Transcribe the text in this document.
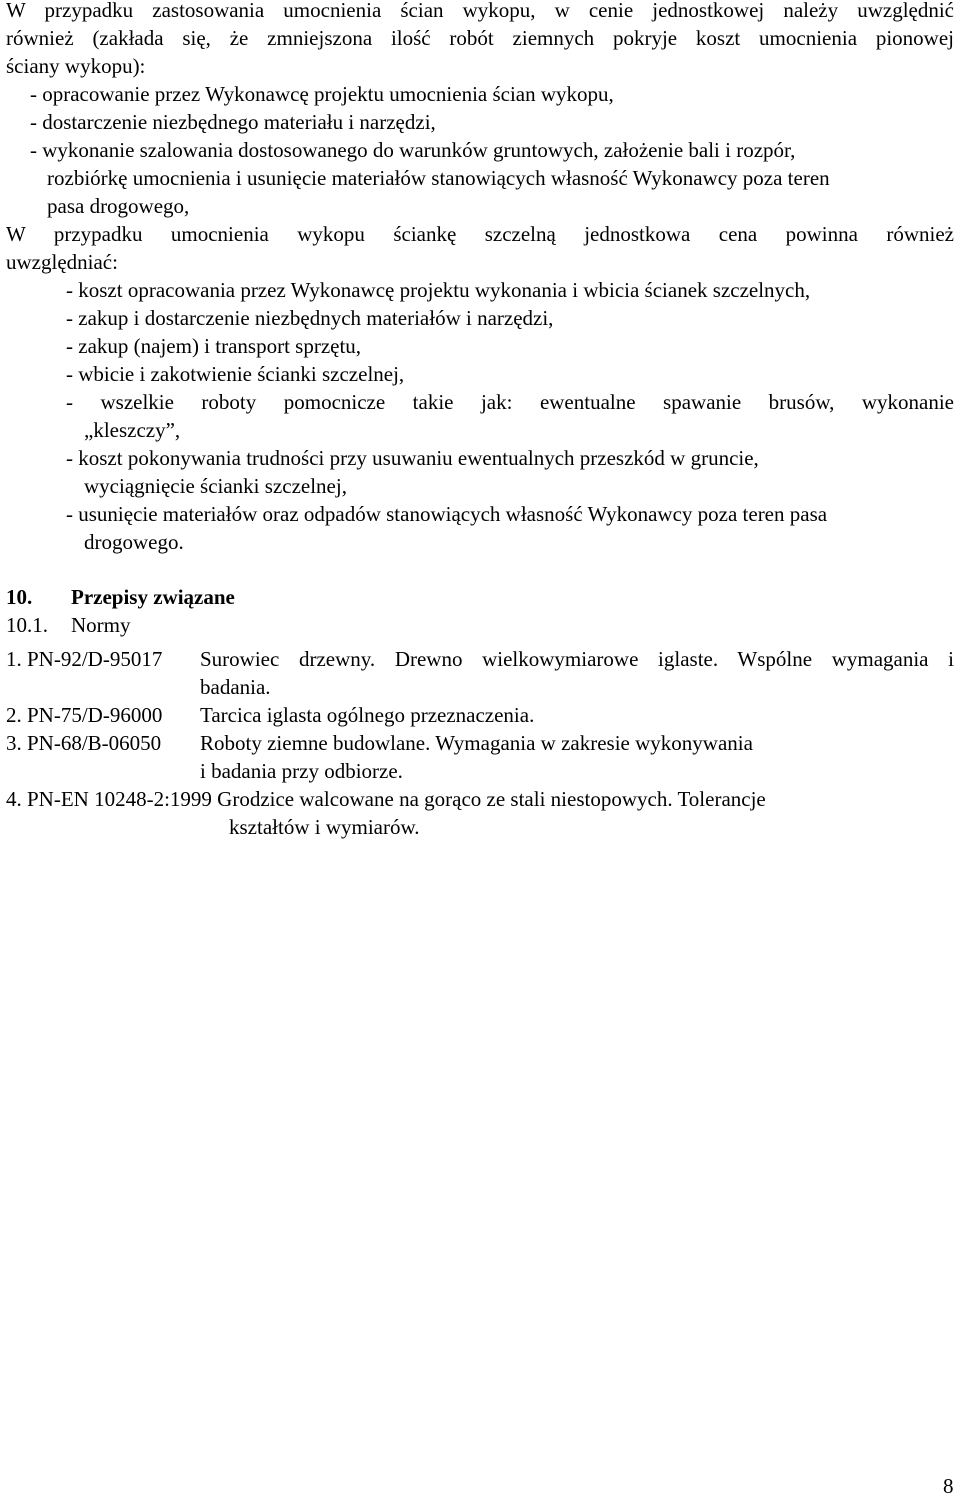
W przypadku zastosowania umocnienia ścian wykopu, w cenie jednostkowej należy uwzględnić
również (zakłada się, że zmniejszona ilość robót ziemnych pokryje koszt umocnienia pionowej
ściany wykopu):
- opracowanie przez Wykonawcę projektu umocnienia ścian wykopu,
- dostarczenie niezbędnego materiału i narzędzi,
- wykonanie szalowania dostosowanego do warunków gruntowych, założenie bali i rozpór,
rozbiórkę umocnienia i usunięcie materiałów stanowiących własność Wykonawcy poza teren
pasa drogowego,
W przypadku umocnienia wykopu ściankę szczelną jednostkowa cena powinna również
uwzględniać:
- koszt opracowania przez Wykonawcę projektu wykonania i wbicia ścianek szczelnych,
- zakup i dostarczenie niezbędnych materiałów i narzędzi,
- zakup (najem) i transport sprzętu,
- wbicie i zakotwienie ścianki szczelnej,
- wszelkie roboty pomocnicze takie jak: ewentualne spawanie brusów, wykonanie
„kleszczy”,
- koszt pokonywania trudności przy usuwaniu ewentualnych przeszkód w gruncie,
wyciągnięcie ścianki szczelnej,
- usunięcie materiałów oraz odpadów stanowiących własność Wykonawcy poza teren pasa
drogowego.
10. Przepisy związane
10.1. Normy
1. PN-92/D-95017 Surowiec drzewny. Drewno wielkowymiarowe iglaste. Wspólne wymagania i
badania.
2. PN-75/D-96000 Tarcica iglasta ogólnego przeznaczenia.
3. PN-68/B-06050 Roboty ziemne budowlane. Wymagania w zakresie wykonywania
i badania przy odbiorze.
4. PN-EN 10248-2:1999 Grodzice walcowane na gorąco ze stali niestopowych. Tolerancje
kształtów i wymiarów.
8
